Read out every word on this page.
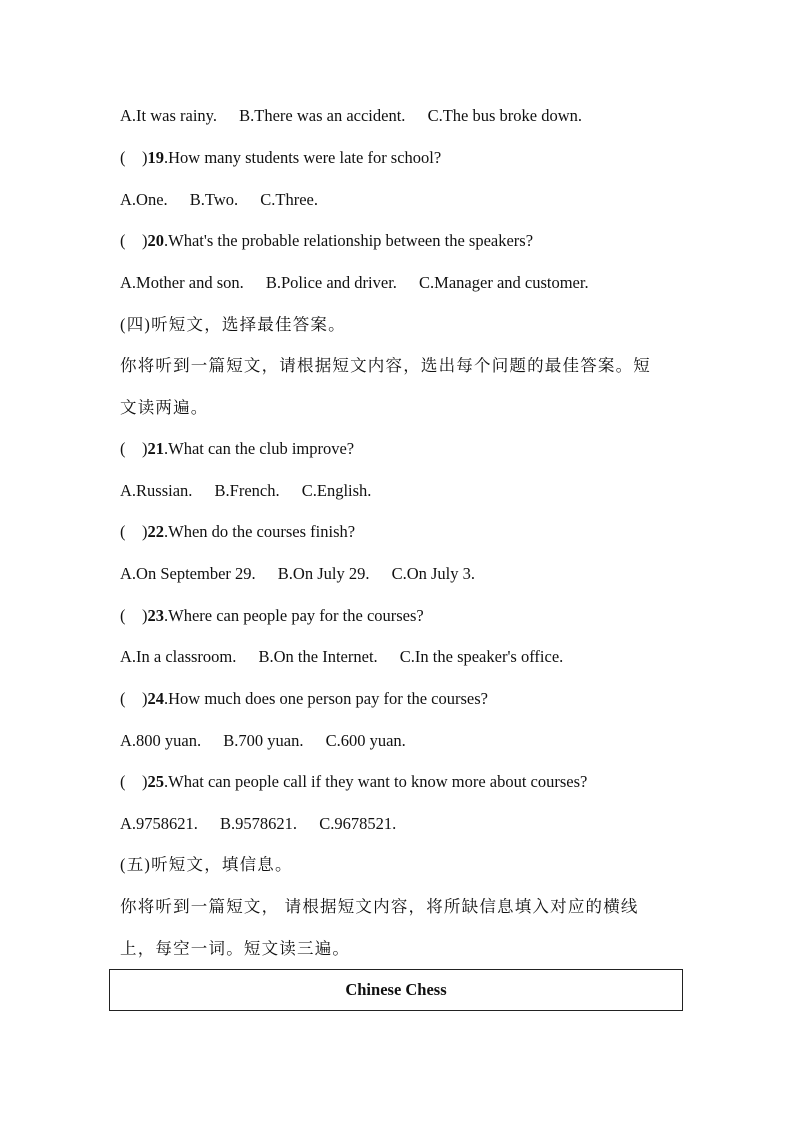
A.It was rainy. B.There was an accident. C.The bus broke down.
(    )19.How many students were late for school?
A.One. B.Two. C.Three.
(    )20.What's the probable relationship between the speakers?
A.Mother and son. B.Police and driver. C.Manager and customer.
(四)听短文，选择最佳答案。
你将听到一篇短文，请根据短文内容，选出每个问题的最佳答案。短
文读两遍。
(    )21.What can the club improve?
A.Russian. B.French. C.English.
(    )22.When do the courses finish?
A.On September 29. B.On July 29. C.On July 3.
(    )23.Where can people pay for the courses?
A.In a classroom. B.On the Internet. C.In the speaker's office.
(    )24.How much does one person pay for the courses?
A.800 yuan. B.700 yuan. C.600 yuan.
(    )25.What can people call if they want to know more about courses?
A.9758621. B.9578621. C.9678521.
(五)听短文，填信息。
你将听到一篇短文， 请根据短文内容，将所缺信息填入对应的横线
上，每空一词。短文读三遍。
Chinese Chess
